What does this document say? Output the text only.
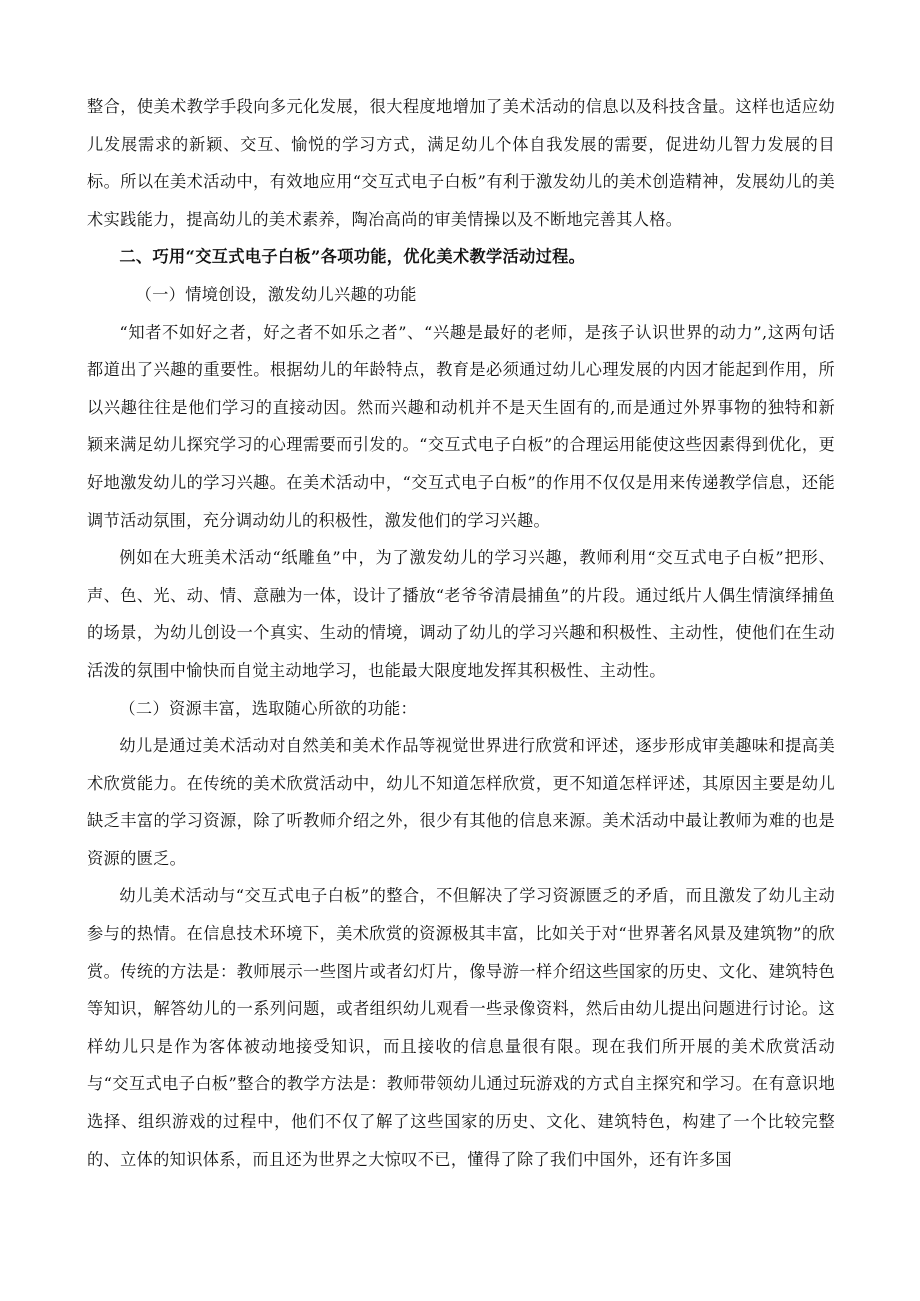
整合，使美术教学手段向多元化发展，很大程度地增加了美术活动的信息以及科技含量。这样也适应幼儿发展需求的新颖、交互、愉悦的学习方式，满足幼儿个体自我发展的需要，促进幼儿智力发展的目标。所以在美术活动中，有效地应用“交互式电子白板”有利于激发幼儿的美术创造精神，发展幼儿的美术实践能力，提高幼儿的美术素养，陶冶高尚的审美情操以及不断地完善其人格。

二、巧用“交互式电子白板”各项功能，优化美术教学活动过程。

（一）情境创设，激发幼儿兴趣的功能

“知者不如好之者，好之者不如乐之者”、“兴趣是最好的老师，是孩子认识世界的动力”,这两句话都道出了兴趣的重要性。根据幼儿的年龄特点，教育是必须通过幼儿心理发展的内因才能起到作用，所以兴趣往往是他们学习的直接动因。然而兴趣和动机并不是天生固有的,而是通过外界事物的独特和新颖来满足幼儿探究学习的心理需要而引发的。“交互式电子白板”的合理运用能使这些因素得到优化，更好地激发幼儿的学习兴趣。在美术活动中，“交互式电子白板”的作用不仅仅是用来传递教学信息，还能调节活动氛围，充分调动幼儿的积极性，激发他们的学习兴趣。

例如在大班美术活动“纸雕鱼”中，为了激发幼儿的学习兴趣，教师利用“交互式电子白板”把形、声、色、光、动、情、意融为一体，设计了播放“老爷爷清晨捕鱼”的片段。通过纸片人偶生情演绎捕鱼的场景，为幼儿创设一个真实、生动的情境，调动了幼儿的学习兴趣和积极性、主动性，使他们在生动活泼的氛围中愉快而自觉主动地学习，也能最大限度地发挥其积极性、主动性。

（二）资源丰富，选取随心所欲的功能：

幼儿是通过美术活动对自然美和美术作品等视觉世界进行欣赏和评述，逐步形成审美趣味和提高美术欣赏能力。在传统的美术欣赏活动中，幼儿不知道怎样欣赏，更不知道怎样评述，其原因主要是幼儿缺乏丰富的学习资源，除了听教师介绍之外，很少有其他的信息来源。美术活动中最让教师为难的也是资源的匮乏。

幼儿美术活动与“交互式电子白板”的整合，不但解决了学习资源匮乏的矛盾，而且激发了幼儿主动参与的热情。在信息技术环境下，美术欣赏的资源极其丰富，比如关于对“世界著名风景及建筑物”的欣赏。传统的方法是：教师展示一些图片或者幻灯片，像导游一样介绍这些国家的历史、文化、建筑特色等知识，解答幼儿的一系列问题，或者组织幼儿观看一些录像资料，然后由幼儿提出问题进行讨论。这样幼儿只是作为客体被动地接受知识，而且接收的信息量很有限。现在我们所开展的美术欣赏活动与“交互式电子白板”整合的教学方法是：教师带领幼儿通过玩游戏的方式自主探究和学习。在有意识地选择、组织游戏的过程中，他们不仅了解了这些国家的历史、文化、建筑特色，构建了一个比较完整的、立体的知识体系，而且还为世界之大惊叹不已，懂得了除了我们中国外，还有许多国
